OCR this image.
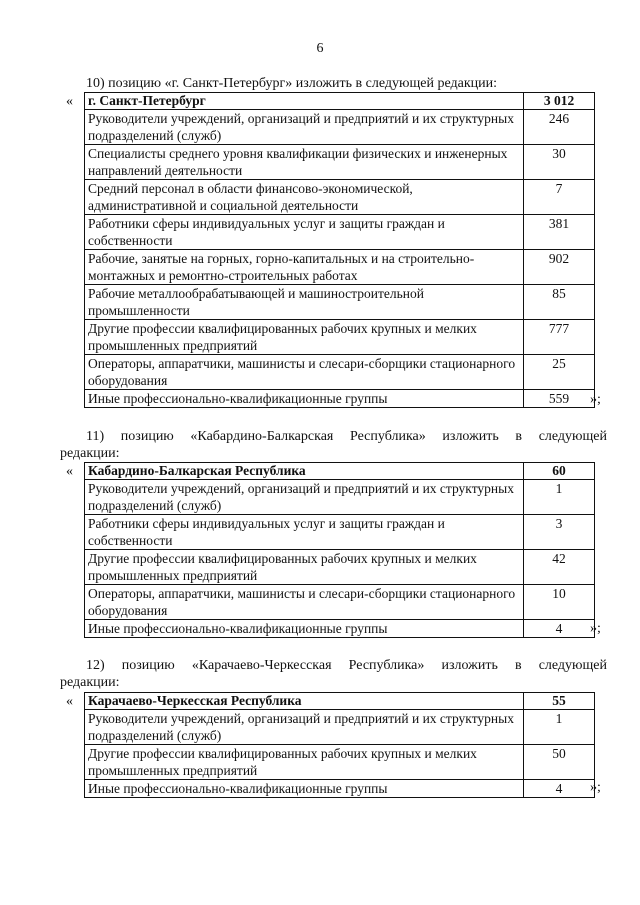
6
10) позицию «г. Санкт-Петербург» изложить в следующей редакции:
« г. Санкт-Петербург	3 012
Руководители учреждений, организаций и предприятий и их структурных подразделений (служб)	246
Специалисты среднего уровня квалификации физических и инженерных направлений деятельности	30
Средний персонал в области финансово-экономической, административной и социальной деятельности	7
Работники сферы индивидуальных услуг и защиты граждан и собственности	381
Рабочие, занятые на горных, горно-капитальных и на строительно-монтажных и ремонтно-строительных работах	902
Рабочие металлообрабатывающей и машиностроительной промышленности	85
Другие профессии квалифицированных рабочих крупных и мелких промышленных предприятий	777
Операторы, аппаратчики, машинисты и слесари-сборщики стационарного оборудования	25
Иные профессионально-квалификационные группы	559 »;
11) позицию «Кабардино-Балкарская Республика» изложить в следующей
редакции:
« Кабардино-Балкарская Республика	60
Руководители учреждений, организаций и предприятий и их структурных подразделений (служб)	1
Работники сферы индивидуальных услуг и защиты граждан и собственности	3
Другие профессии квалифицированных рабочих крупных и мелких промышленных предприятий	42
Операторы, аппаратчики, машинисты и слесари-сборщики стационарного оборудования	10
Иные профессионально-квалификационные группы	4 »;
12) позицию «Карачаево-Черкесская Республика» изложить в следующей
редакции:
« Карачаево-Черкесская Республика	55
Руководители учреждений, организаций и предприятий и их структурных подразделений (служб)	1
Другие профессии квалифицированных рабочих крупных и мелких промышленных предприятий	50
Иные профессионально-квалификационные группы	4 »;
